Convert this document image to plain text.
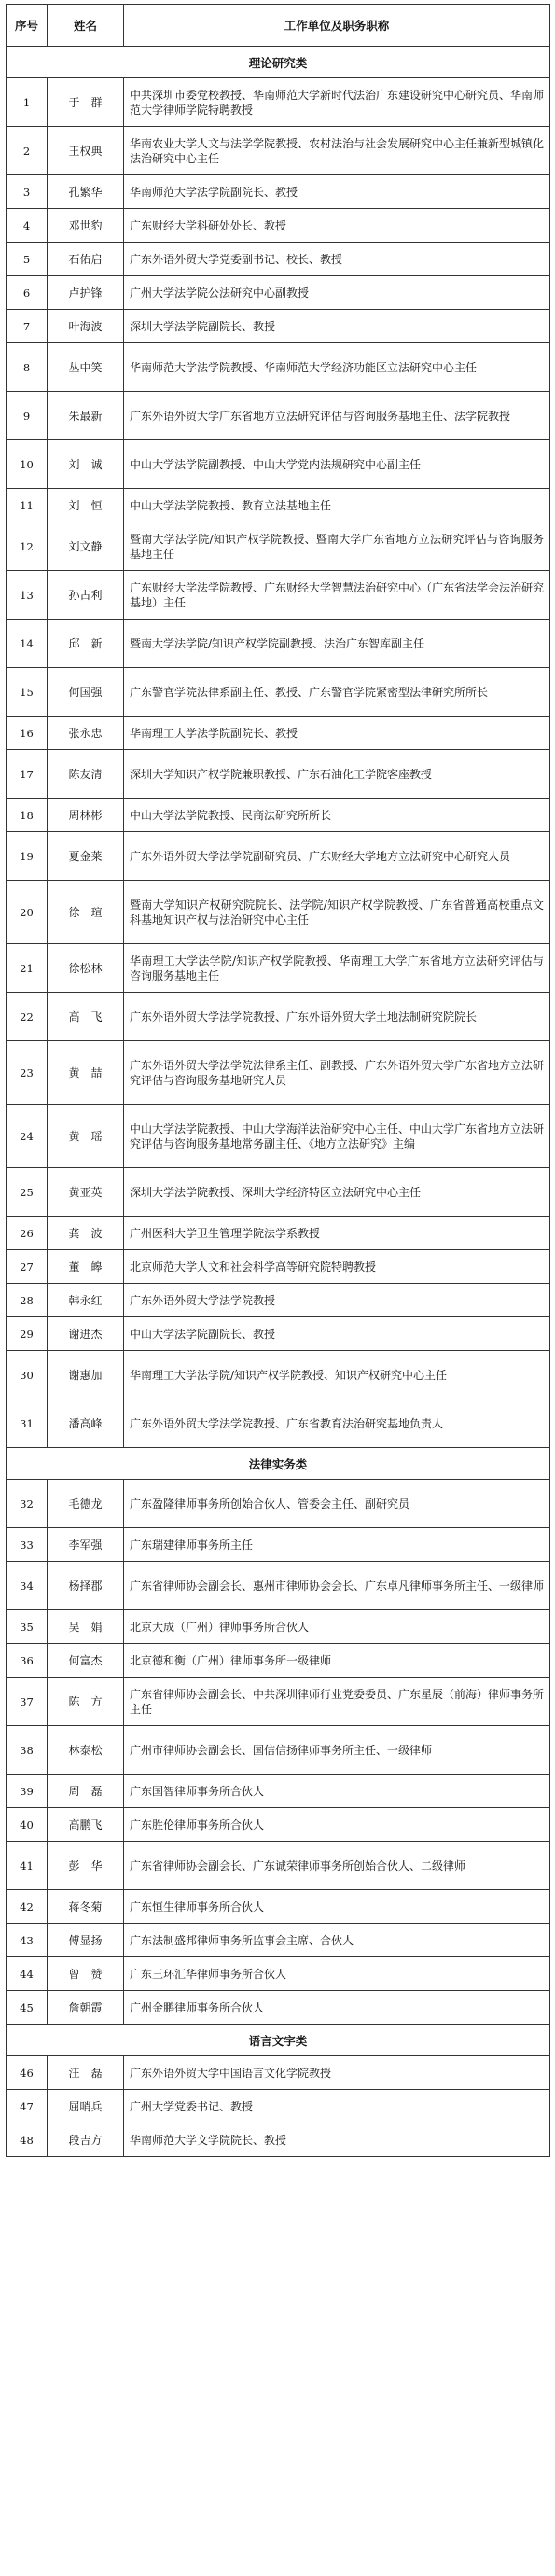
序号	姓名	工作单位及职务职称
理论研究类		
1	于群	中共深圳市委党校教授、华南师范大学新时代法治广东建设研究中心研究员、华南师范大学律师学院特聘教授
2	王权典	华南农业大学人文与法学学院教授、农村法治与社会发展研究中心主任兼新型城镇化法治研究中心主任
3	孔繁华	华南师范大学法学院副院长、教授
4	邓世豹	广东财经大学科研处处长、教授
5	石佑启	广东外语外贸大学党委副书记、校长、教授
6	卢护锋	广州大学法学院公法研究中心副教授
7	叶海波	深圳大学法学院副院长、教授
8	丛中笑	华南师范大学法学院教授、华南师范大学经济功能区立法研究中心主任
9	朱最新	广东外语外贸大学广东省地方立法研究评估与咨询服务基地主任、法学院教授
10	刘诚	中山大学法学院副教授、中山大学党内法规研究中心副主任
11	刘恒	中山大学法学院教授、教育立法基地主任
12	刘文静	暨南大学法学院/知识产权学院教授、暨南大学广东省地方立法研究评估与咨询服务基地主任
13	孙占利	广东财经大学法学院教授、广东财经大学智慧法治研究中心（广东省法学会法治研究基地）主任
14	邱新	暨南大学法学院/知识产权学院副教授、法治广东智库副主任
15	何国强	广东警官学院法律系副主任、教授、广东警官学院紧密型法律研究所所长
16	张永忠	华南理工大学法学院副院长、教授
17	陈友清	深圳大学知识产权学院兼职教授、广东石油化工学院客座教授
18	周林彬	中山大学法学院教授、民商法研究所所长
19	夏金莱	广东外语外贸大学法学院副研究员、广东财经大学地方立法研究中心研究人员
20	徐瑄	暨南大学知识产权研究院院长、法学院/知识产权学院教授、广东省普通高校重点文科基地知识产权与法治研究中心主任
21	徐松林	华南理工大学法学院/知识产权学院教授、华南理工大学广东省地方立法研究评估与咨询服务基地主任
22	高飞	广东外语外贸大学法学院教授、广东外语外贸大学土地法制研究院院长
23	黄喆	广东外语外贸大学法学院法律系主任、副教授、广东外语外贸大学广东省地方立法研究评估与咨询服务基地研究人员
24	黄瑶	中山大学法学院教授、中山大学海洋法治研究中心主任、中山大学广东省地方立法研究评估与咨询服务基地常务副主任、《地方立法研究》主编
25	黄亚英	深圳大学法学院教授、深圳大学经济特区立法研究中心主任
26	龚波	广州医科大学卫生管理学院法学系教授
27	董皞	北京师范大学人文和社会科学高等研究院特聘教授
28	韩永红	广东外语外贸大学法学院教授
29	谢进杰	中山大学法学院副院长、教授
30	谢惠加	华南理工大学法学院/知识产权学院教授、知识产权研究中心主任
31	潘高峰	广东外语外贸大学法学院教授、广东省教育法治研究基地负责人
法律实务类		
32	毛德龙	广东盈隆律师事务所创始合伙人、管委会主任、副研究员
33	李军强	广东瑞建律师事务所主任
34	杨择郡	广东省律师协会副会长、惠州市律师协会会长、广东卓凡律师事务所主任、一级律师
35	吴娟	北京大成（广州）律师事务所合伙人
36	何富杰	北京德和衡（广州）律师事务所一级律师
37	陈方	广东省律师协会副会长、中共深圳律师行业党委委员、广东星辰（前海）律师事务所主任
38	林泰松	广州市律师协会副会长、国信信扬律师事务所主任、一级律师
39	周磊	广东国智律师事务所合伙人
40	高鹏飞	广东胜伦律师事务所合伙人
41	彭华	广东省律师协会副会长、广东诚荣律师事务所创始合伙人、二级律师
42	蒋冬菊	广东恒生律师事务所合伙人
43	傅显扬	广东法制盛邦律师事务所监事会主席、合伙人
44	曾赞	广东三环汇华律师事务所合伙人
45	詹朝霞	广州金鹏律师事务所合伙人
语言文字类		
46	汪磊	广东外语外贸大学中国语言文化学院教授
47	屈哨兵	广州大学党委书记、教授
48	段吉方	华南师范大学文学院院长、教授
